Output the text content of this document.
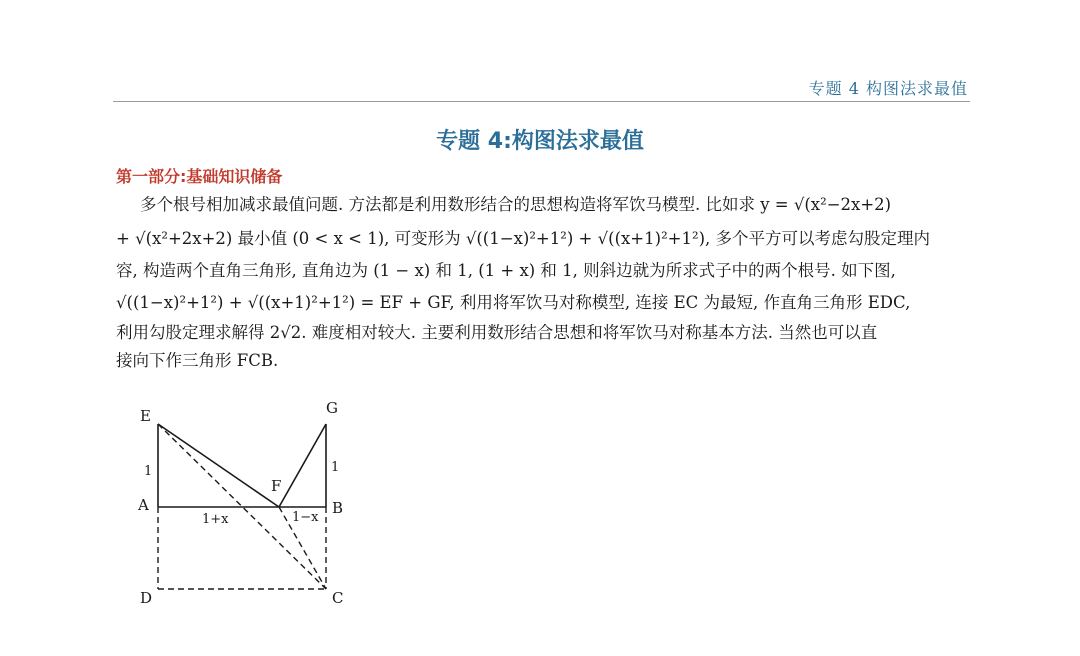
专题 4 构图法求最值
专题 4:构图法求最值
第一部分:基础知识储备
多个根号相加减求最值问题. 方法都是利用数形结合的思想构造将军饮马模型. 比如求 y = √(x²−2x+2)
+ √(x²+2x+2) 最小值 (0 < x < 1), 可变形为 √((1−x)²+1²) + √((x+1)²+1²), 多个平方可以考虑勾股定理内
容, 构造两个直角三角形, 直角边为 (1 − x) 和 1, (1 + x) 和 1, 则斜边就为所求式子中的两个根号. 如下图,
√((1−x)²+1²) + √((x+1)²+1²) = EF + GF, 利用将军饮马对称模型, 连接 EC 为最短, 作直角三角形 EDC,
利用勾股定理求解得 2√2. 难度相对较大. 主要利用数形结合思想和将军饮马对称基本方法. 当然也可以直
接向下作三角形 FCB.
E	G
A	B
F
D	C
1	1
1+x	1−x
